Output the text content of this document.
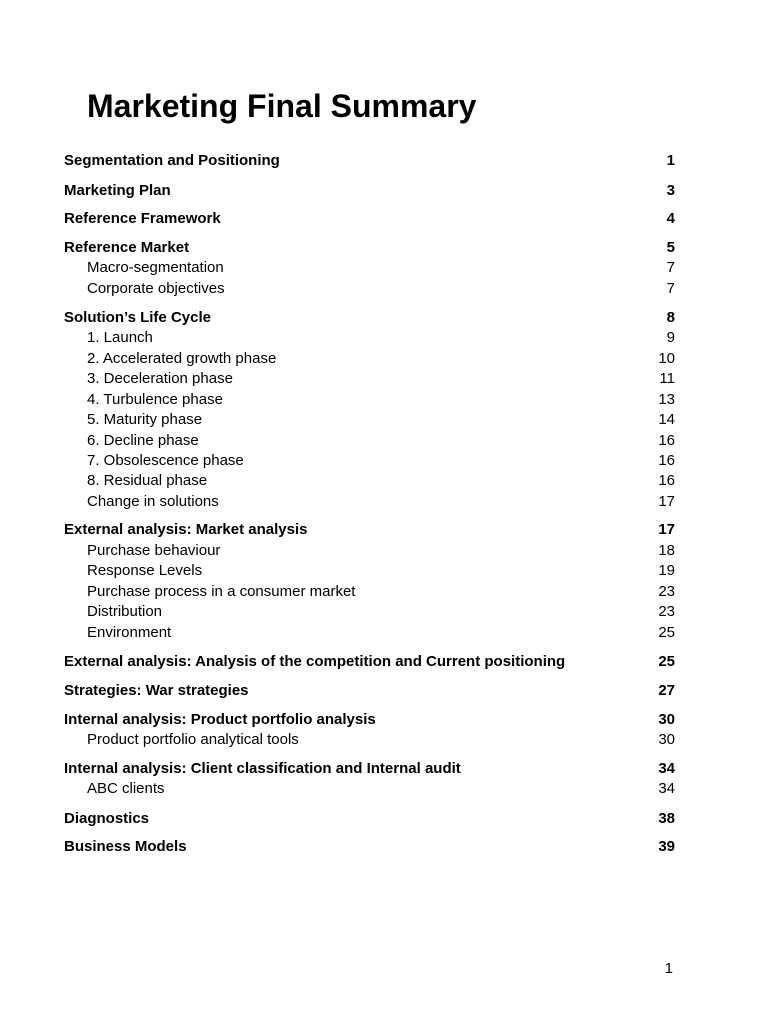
Marketing Final Summary
Segmentation and Positioning	1
Marketing Plan	3
Reference Framework	4
Reference Market	5
Macro-segmentation	7
Corporate objectives	7
Solution’s Life Cycle	8
1. Launch	9
2. Accelerated growth phase	10
3. Deceleration phase	11
4. Turbulence phase	13
5. Maturity phase	14
6. Decline phase	16
7. Obsolescence phase	16
8. Residual phase	16
Change in solutions	17
External analysis: Market analysis	17
Purchase behaviour	18
Response Levels	19
Purchase process in a consumer market	23
Distribution	23
Environment	25
External analysis: Analysis of the competition and Current positioning	25
Strategies: War strategies	27
Internal analysis: Product portfolio analysis	30
Product portfolio analytical tools	30
Internal analysis: Client classification and Internal audit	34
ABC clients	34
Diagnostics	38
Business Models	39
1
